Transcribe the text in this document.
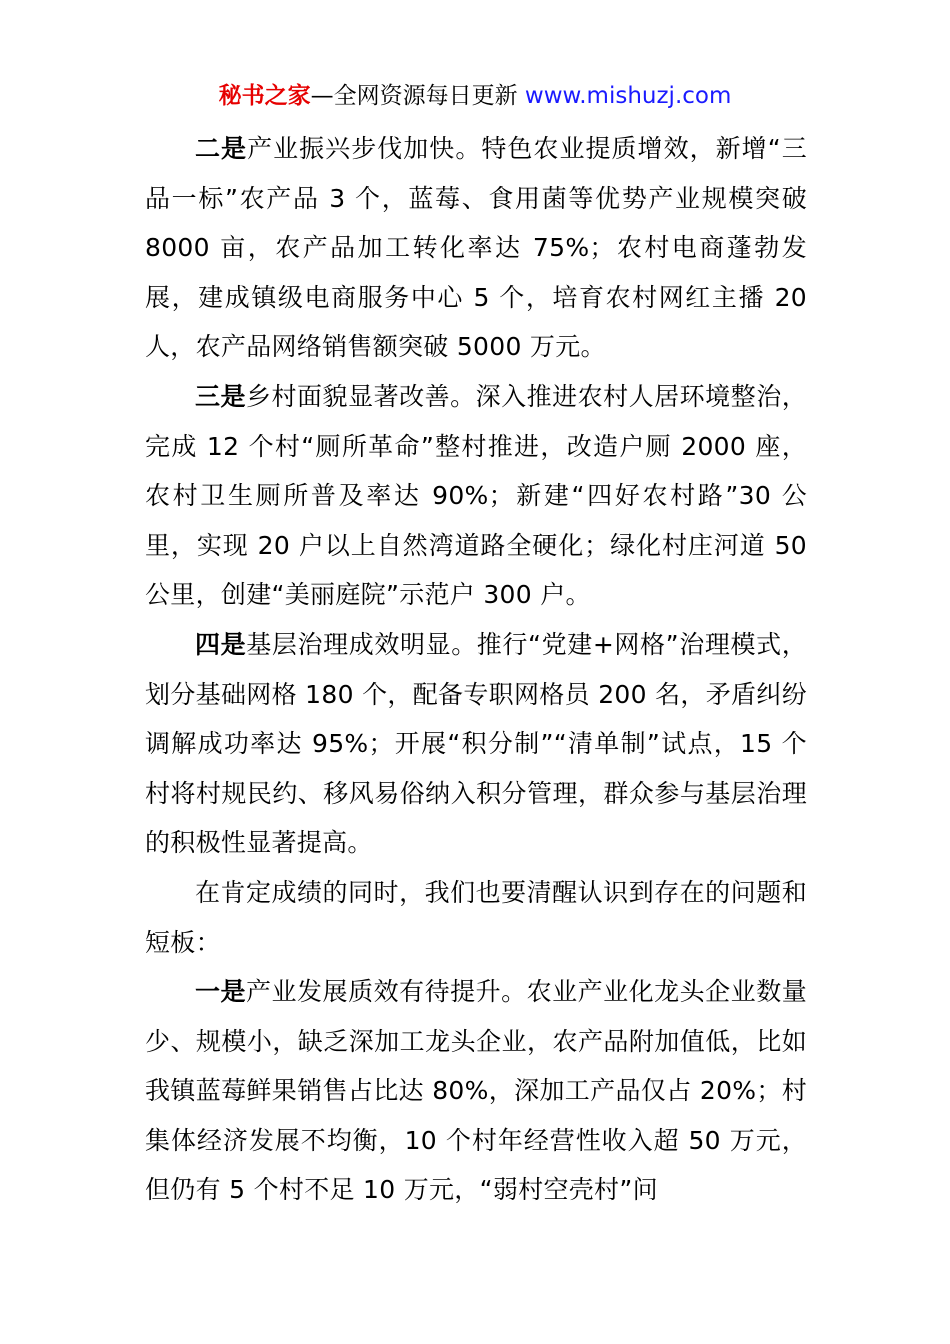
秘书之家—全网资源每日更新 www.mishuzj.com

二是产业振兴步伐加快。特色农业提质增效，新增“三品一标”农产品 3 个，蓝莓、食用菌等优势产业规模突破 8000 亩，农产品加工转化率达 75%；农村电商蓬勃发展，建成镇级电商服务中心 5 个，培育农村网红主播 20 人，农产品网络销售额突破 5000 万元。

三是乡村面貌显著改善。深入推进农村人居环境整治，完成 12 个村“厕所革命”整村推进，改造户厕 2000 座，农村卫生厕所普及率达 90%；新建“四好农村路”30 公里，实现 20 户以上自然湾道路全硬化；绿化村庄河道 50 公里，创建“美丽庭院”示范户 300 户。

四是基层治理成效明显。推行“党建+网格”治理模式，划分基础网格 180 个，配备专职网格员 200 名，矛盾纠纷调解成功率达 95%；开展“积分制”“清单制”试点，15 个村将村规民约、移风易俗纳入积分管理，群众参与基层治理的积极性显著提高。

在肯定成绩的同时，我们也要清醒认识到存在的问题和短板：

一是产业发展质效有待提升。农业产业化龙头企业数量少、规模小，缺乏深加工龙头企业，农产品附加值低，比如我镇蓝莓鲜果销售占比达 80%，深加工产品仅占 20%；村集体经济发展不均衡，10 个村年经营性收入超 50 万元，但仍有 5 个村不足 10 万元，“弱村空壳村”问
